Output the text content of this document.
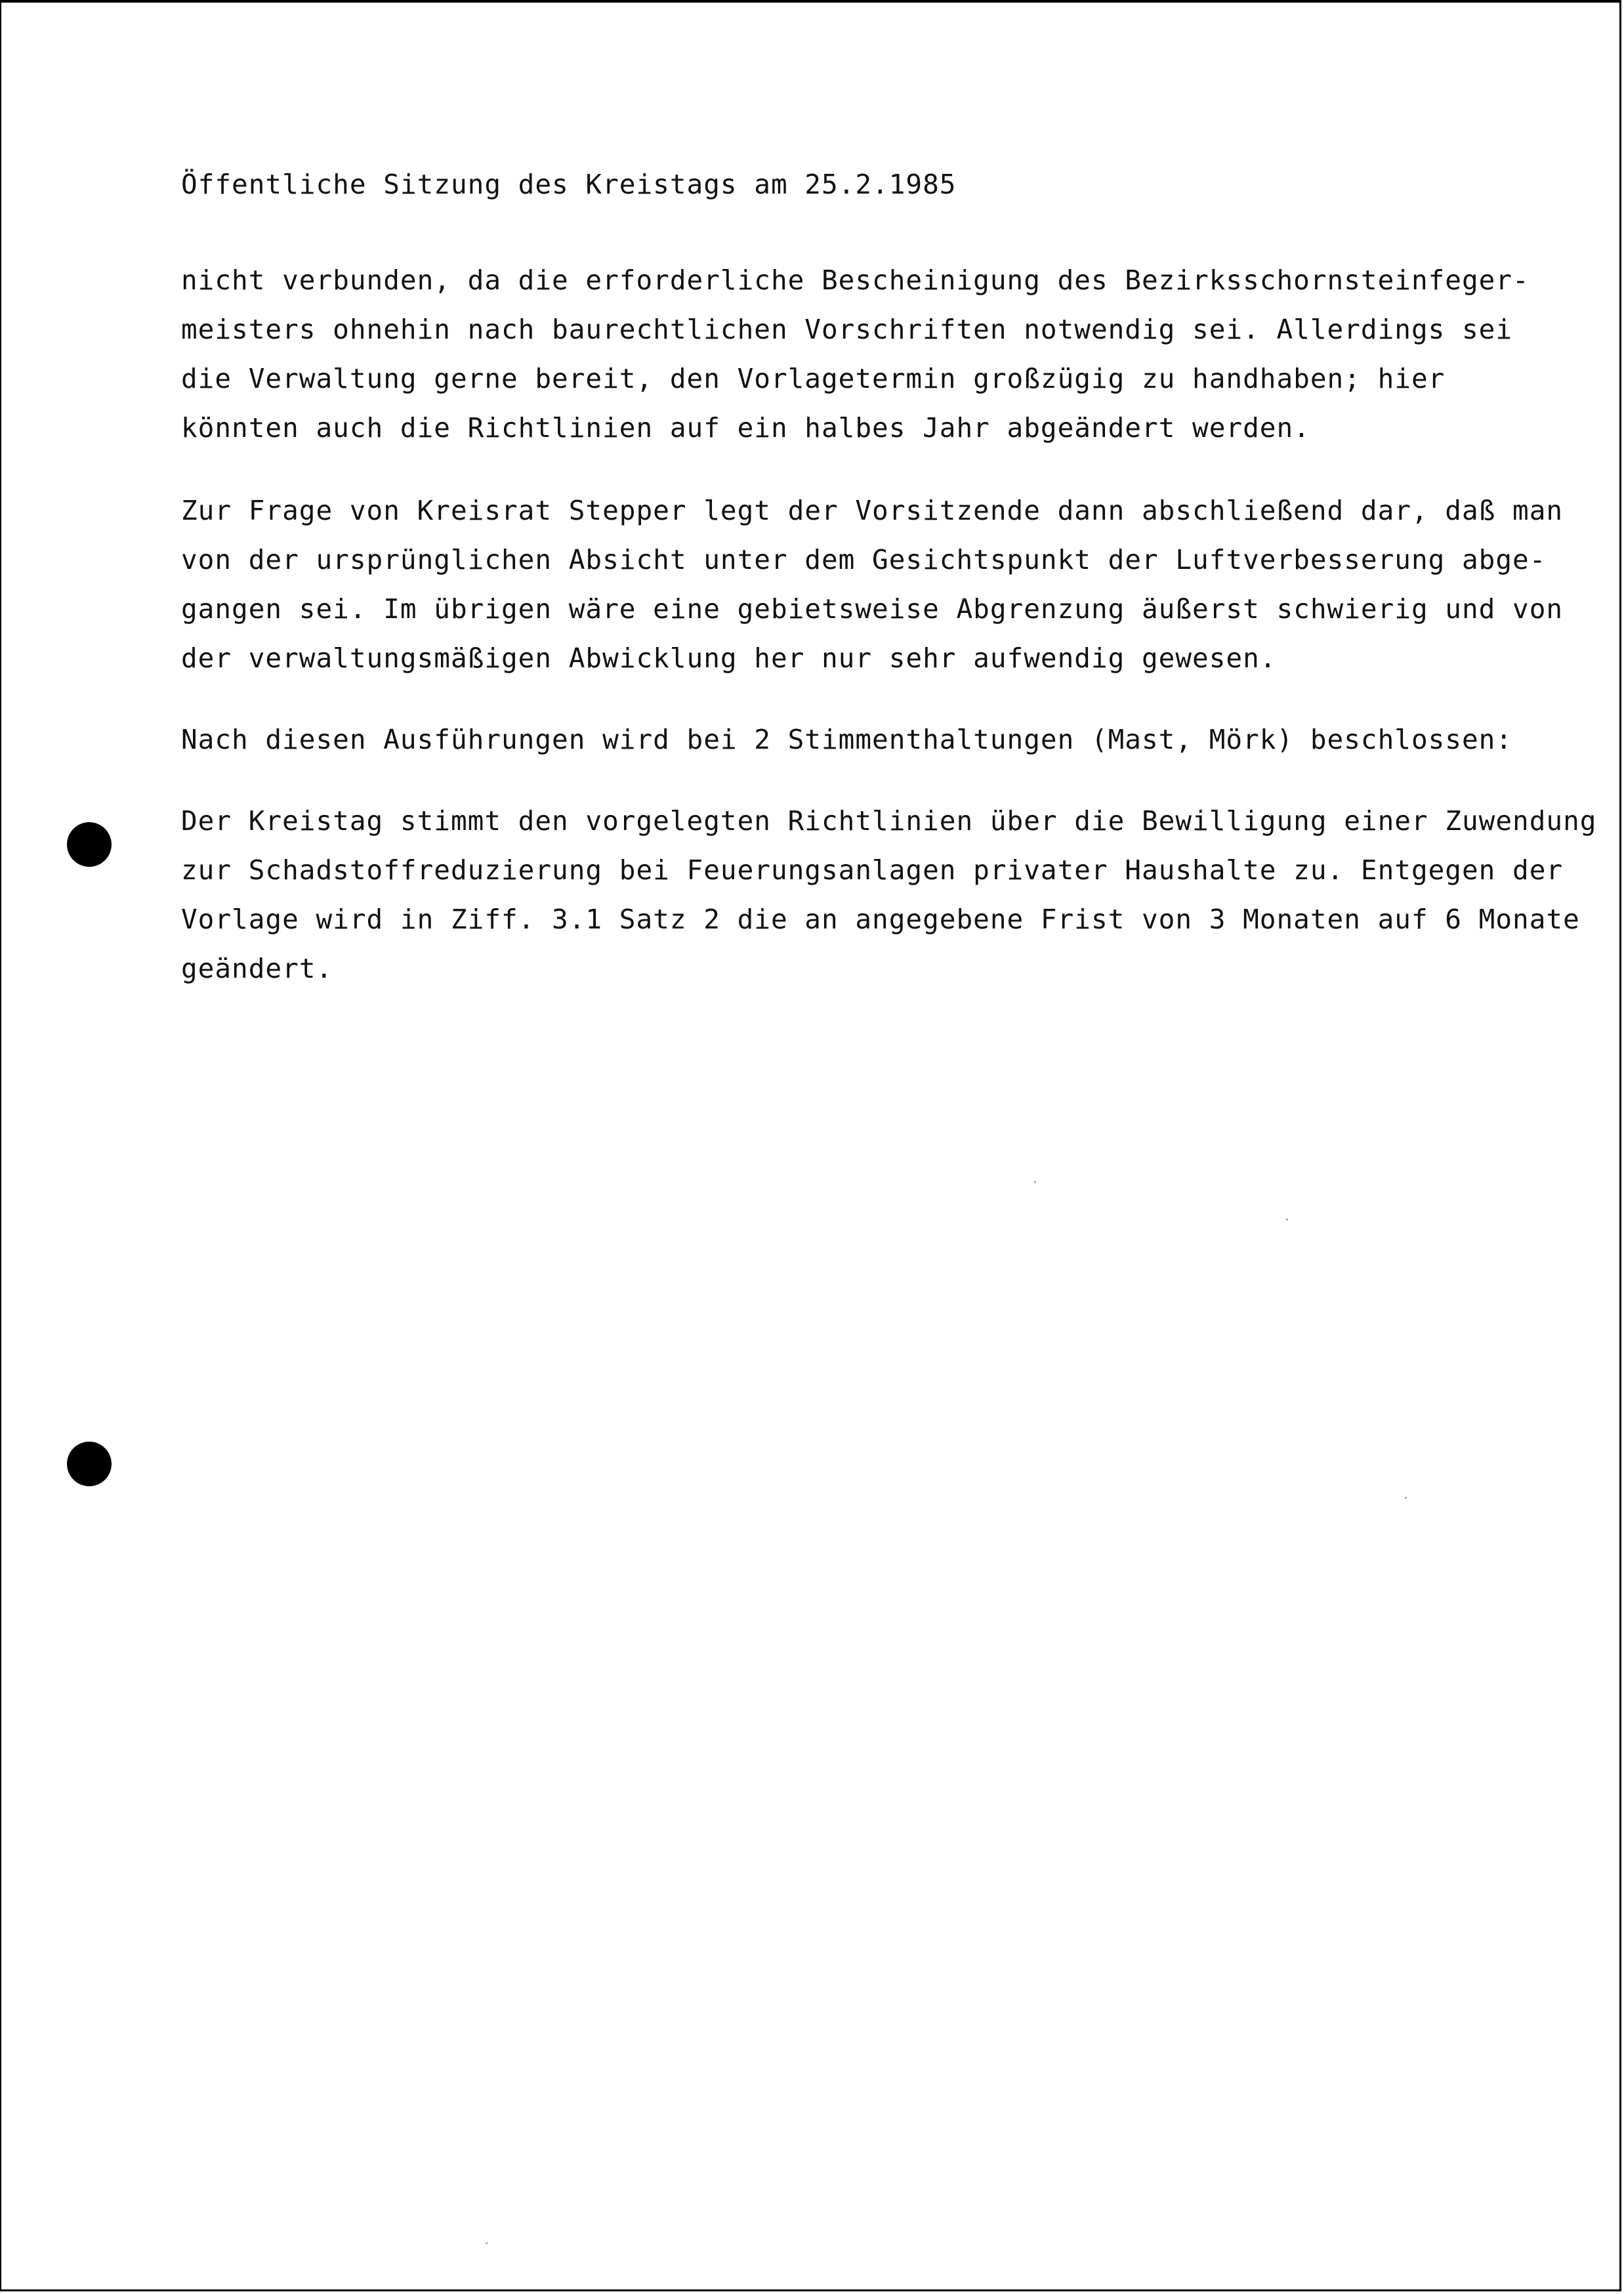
Öffentliche Sitzung des Kreistags am 25.2.1985
nicht verbunden, da die erforderliche Bescheinigung des Bezirksschornsteinfeger-
meisters ohnehin nach baurechtlichen Vorschriften notwendig sei. Allerdings sei
die Verwaltung gerne bereit, den Vorlagetermin großzügig zu handhaben; hier
könnten auch die Richtlinien auf ein halbes Jahr abgeändert werden.
Zur Frage von Kreisrat Stepper legt der Vorsitzende dann abschließend dar, daß man
von der ursprünglichen Absicht unter dem Gesichtspunkt der Luftverbesserung abge-
gangen sei. Im übrigen wäre eine gebietsweise Abgrenzung äußerst schwierig und von
der verwaltungsmäßigen Abwicklung her nur sehr aufwendig gewesen.
Nach diesen Ausführungen wird bei 2 Stimmenthaltungen (Mast, Mörk) beschlossen:
Der Kreistag stimmt den vorgelegten Richtlinien über die Bewilligung einer Zuwendung
zur Schadstoffreduzierung bei Feuerungsanlagen privater Haushalte zu. Entgegen der
Vorlage wird in Ziff. 3.1 Satz 2 die an angegebene Frist von 3 Monaten auf 6 Monate
geändert.
